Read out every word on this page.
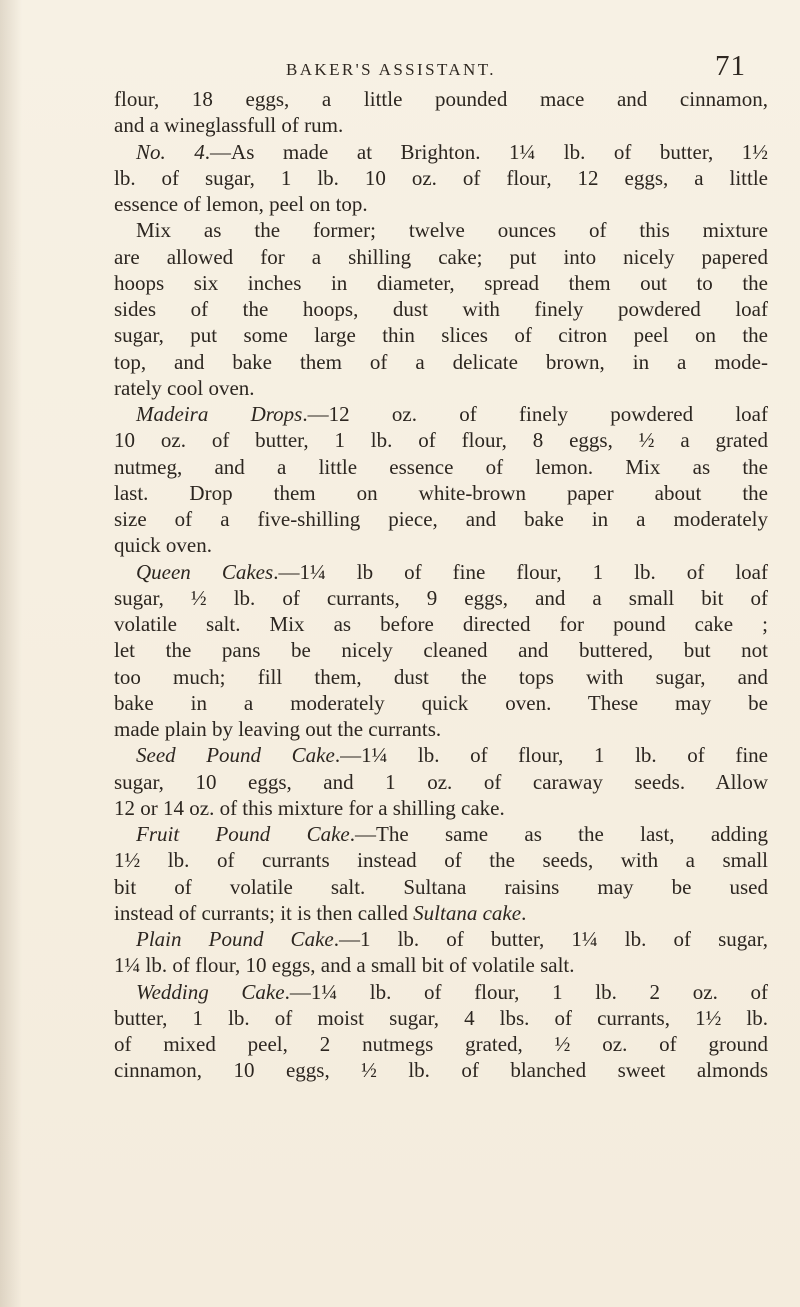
BAKER'S ASSISTANT.	71
flour, 18 eggs, a little pounded mace and cinnamon,
and a wineglassfull of rum.
No. 4.—As made at Brighton. 1¼ lb. of butter, 1½
lb. of sugar, 1 lb. 10 oz. of flour, 12 eggs, a little
essence of lemon, peel on top.
Mix as the former; twelve ounces of this mixture
are allowed for a shilling cake; put into nicely papered
hoops six inches in diameter, spread them out to the
sides of the hoops, dust with finely powdered loaf
sugar, put some large thin slices of citron peel on the
top, and bake them of a delicate brown, in a mode-
rately cool oven.
Madeira Drops.—12 oz. of finely powdered loaf
10 oz. of butter, 1 lb. of flour, 8 eggs, ½ a grated
nutmeg, and a little essence of lemon. Mix as the
last. Drop them on white-brown paper about the
size of a five-shilling piece, and bake in a moderately
quick oven.
Queen Cakes.—1¼ lb of fine flour, 1 lb. of loaf
sugar, ½ lb. of currants, 9 eggs, and a small bit of
volatile salt. Mix as before directed for pound cake ;
let the pans be nicely cleaned and buttered, but not
too much; fill them, dust the tops with sugar, and
bake in a moderately quick oven. These may be
made plain by leaving out the currants.
Seed Pound Cake.—1¼ lb. of flour, 1 lb. of fine
sugar, 10 eggs, and 1 oz. of caraway seeds. Allow
12 or 14 oz. of this mixture for a shilling cake.
Fruit Pound Cake.—The same as the last, adding
1½ lb. of currants instead of the seeds, with a small
bit of volatile salt. Sultana raisins may be used
instead of currants; it is then called Sultana cake.
Plain Pound Cake.—1 lb. of butter, 1¼ lb. of sugar,
1¼ lb. of flour, 10 eggs, and a small bit of volatile salt.
Wedding Cake.—1¼ lb. of flour, 1 lb. 2 oz. of
butter, 1 lb. of moist sugar, 4 lbs. of currants, 1½ lb.
of mixed peel, 2 nutmegs grated, ½ oz. of ground
cinnamon, 10 eggs, ½ lb. of blanched sweet almonds
